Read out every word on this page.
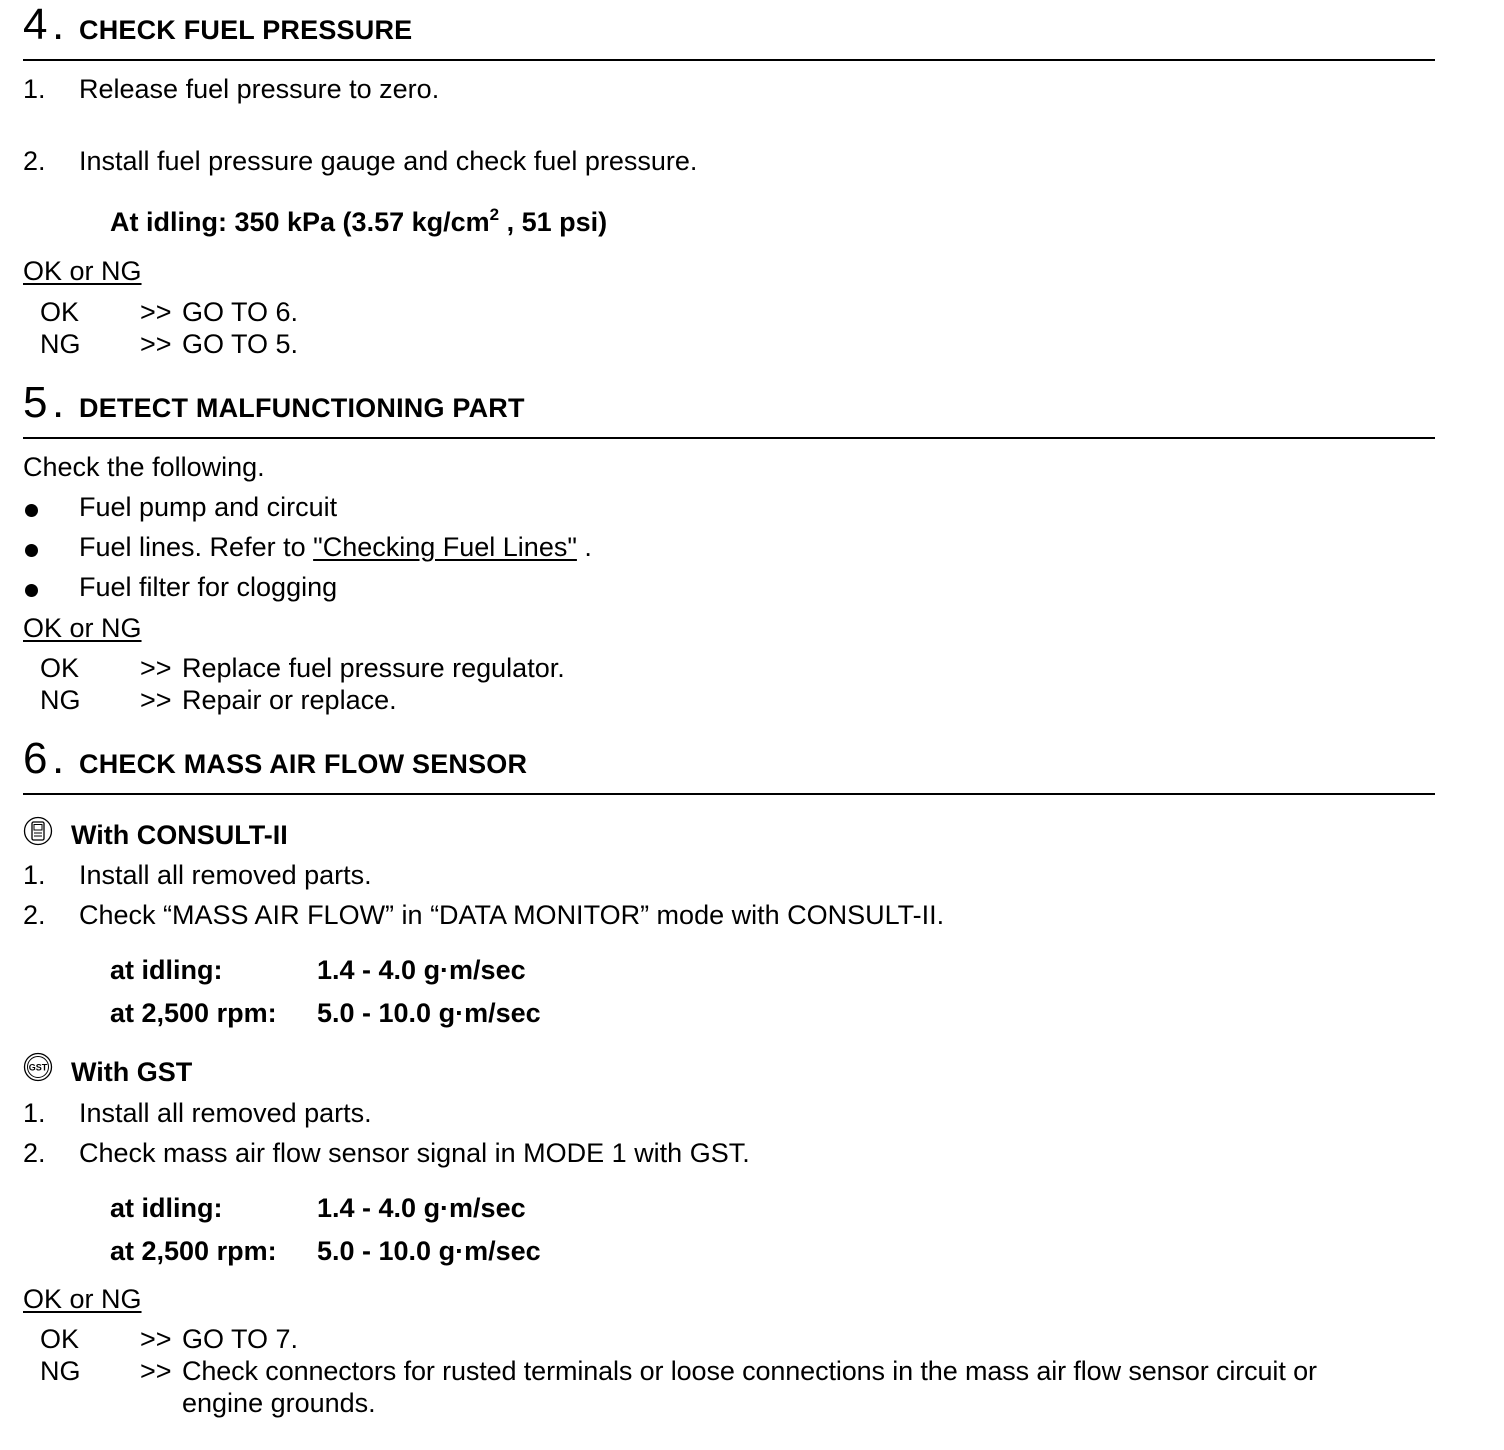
4 . CHECK FUEL PRESSURE
1. Release fuel pressure to zero.
2. Install fuel pressure gauge and check fuel pressure.
At idling: 350 kPa (3.57 $kg/cm^2$ , 51 psi)
OK or NG
OK >> GO TO 6.
NG >> GO TO 5.
5 . DETECT MALFUNCTIONING PART
Check the following.
Fuel pump and circuit
Fuel lines. Refer to "Checking Fuel Lines" .
Fuel filter for clogging
OK or NG
OK >> Replace fuel pressure regulator.
NG >> Repair or replace.
6 . CHECK MASS AIR FLOW SENSOR
With CONSULT-II
1. Install all removed parts.
2. Check “MASS AIR FLOW” in “DATA MONITOR” mode with CONSULT-II.
at idling:	1.4 - 4.0 g·m/sec
at 2,500 rpm: 5.0 - 10.0 g·m/sec
GST With GST
1. Install all removed parts.
2. Check mass air flow sensor signal in MODE 1 with GST.
at idling:	1.4 - 4.0 g·m/sec
at 2,500 rpm: 5.0 - 10.0 g·m/sec
OK or NG
OK >> GO TO 7.
NG >> Check connectors for rusted terminals or loose connections in the mass air flow sensor circuit or
engine grounds.
